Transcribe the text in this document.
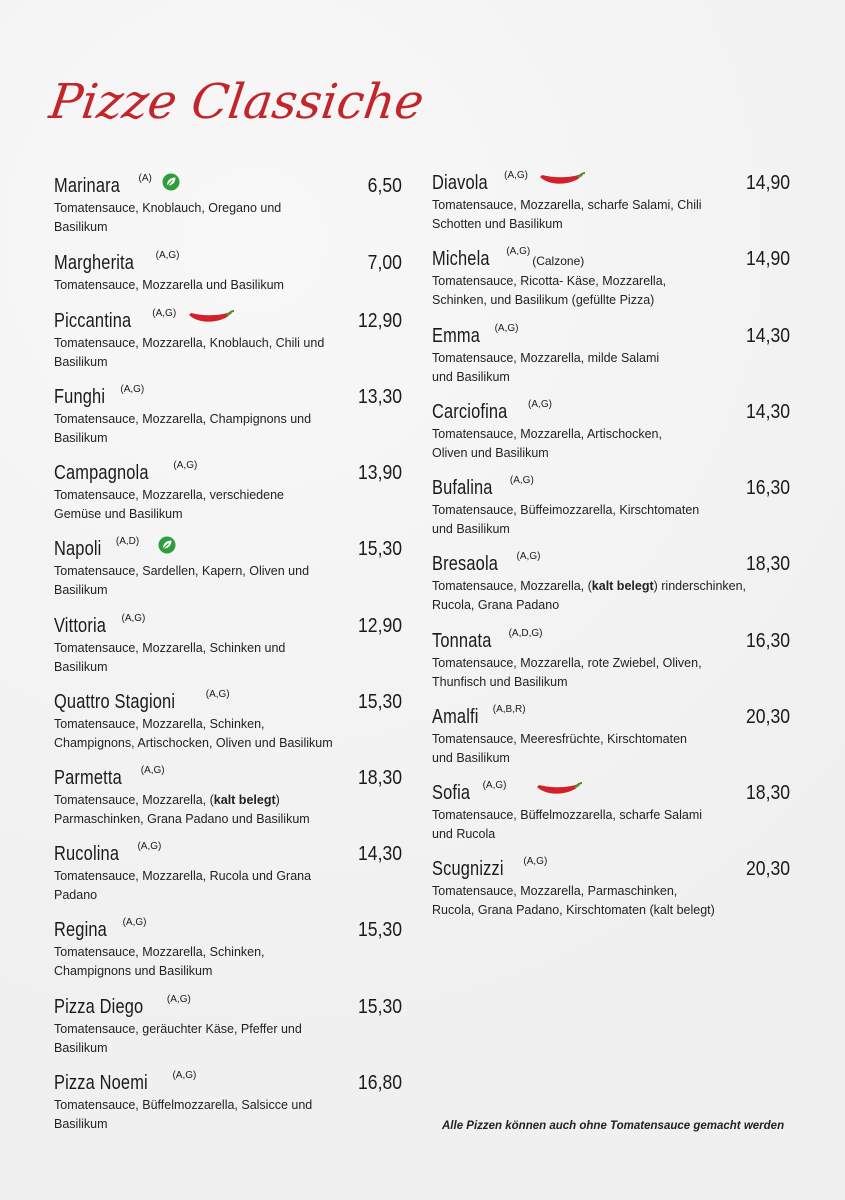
Pizze Classiche
Marinara $^{(A)}$	6,50
Tomatensauce, Knoblauch, Oregano und
Basilikum
Margherita $^{(A,G)}$	7,00
Tomatensauce, Mozzarella und Basilikum
Piccantina $^{(A,G)}$	12,90
Tomatensauce, Mozzarella, Knoblauch, Chili und
Basilikum
Funghi $^{(A,G)}$	13,30
Tomatensauce, Mozzarella, Champignons und
Basilikum
Campagnola $^{(A,G)}$	13,90
Tomatensauce, Mozzarella, verschiedene
Gemüse und Basilikum
Napoli $^{(A,D)}$	15,30
Tomatensauce, Sardellen, Kapern, Oliven und
Basilikum
Vittoria $^{(A,G)}$	12,90
Tomatensauce, Mozzarella, Schinken und
Basilikum
Quattro Stagioni	$^{(A,G)}$	15,30
Tomatensauce, Mozzarella, Schinken,
Champignons, Artischocken, Oliven und Basilikum
Parmetta $^{(A,G)}$	18,30
Tomatensauce, Mozzarella, (kalt belegt)
Parmaschinken, Grana Padano und Basilikum
Rucolina $^{(A,G)}$	14,30
Tomatensauce, Mozzarella, Rucola und Grana
Padano
Regina $^{(A,G)}$	15,30
Tomatensauce, Mozzarella, Schinken,
Champignons und Basilikum
Pizza Diego $^{(A,G)}$	15,30
Tomatensauce, geräuchter Käse, Pfeffer und
Basilikum
Pizza Noemi $^{(A,G)}$	16,80
Tomatensauce, Büffelmozzarella, Salsicce und
Basilikum
Diavola $^{(A,G)}$	14,90
Tomatensauce, Mozzarella, scharfe Salami, Chili
Schotten und Basilikum
Michela $^{(A,G)}$(Calzone)	14,90
Tomatensauce, Ricotta- Käse, Mozzarella,
Schinken, und Basilikum (gefüllte Pizza)
Emma $^{(A,G)}$	14,30
Tomatensauce, Mozzarella, milde Salami
und Basilikum
Carciofina $^{(A,G)}$	14,30
Tomatensauce, Mozzarella, Artischocken,
Oliven und Basilikum
Bufalina $^{(A,G)}$	16,30
Tomatensauce, Büffeimozzarella, Kirschtomaten
und Basilikum
Bresaola $^{(A,G)}$	18,30
Tomatensauce, Mozzarella, (kalt belegt) rinderschinken,
Rucola, Grana Padano
Tonnata $^{(A,D,G)}$	16,30
Tomatensauce, Mozzarella, rote Zwiebel, Oliven,
Thunfisch und Basilikum
Amalfi $^{(A,B,R)}$	20,30
Tomatensauce, Meeresfrüchte, Kirschtomaten
und Basilikum
Sofia $^{(A,G)}$	18,30
Tomatensauce, Büffelmozzarella, scharfe Salami
und Rucola
Scugnizzi $^{(A,G)}$	20,30
Tomatensauce, Mozzarella, Parmaschinken,
Rucola, Grana Padano, Kirschtomaten (kalt belegt)
Alle Pizzen können auch ohne Tomatensauce gemacht werden
